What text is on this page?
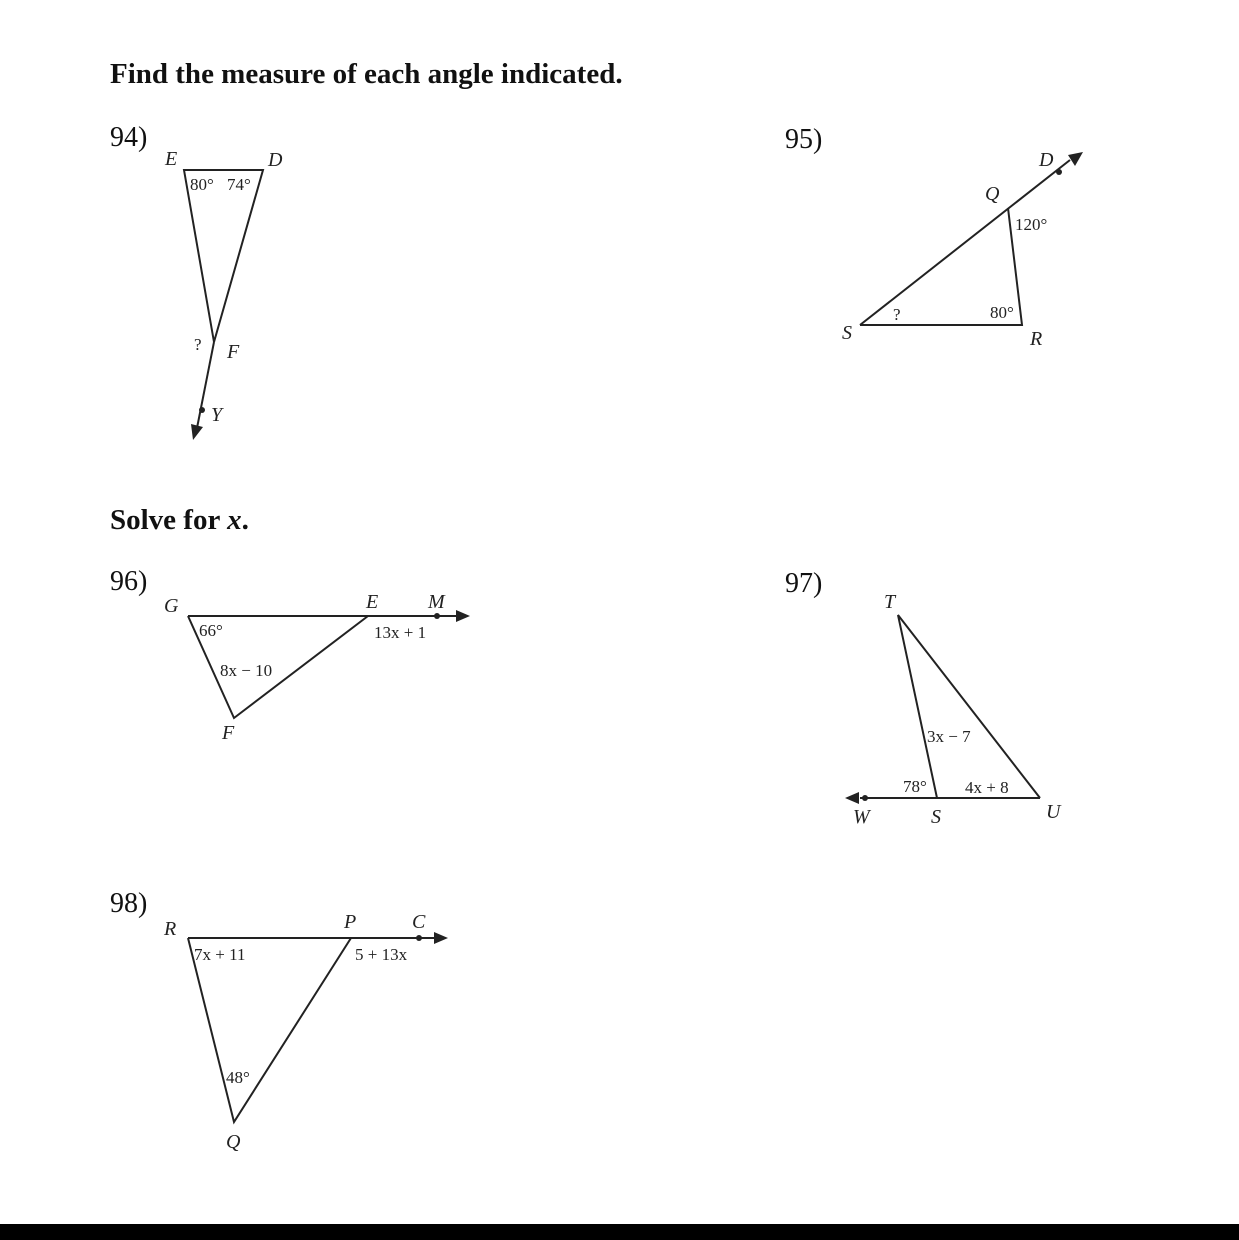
Find the measure of each angle indicated.
Solve for x.
94)	95)
96)	97)
98)
E	D
F
Y
80° 74°
?
D
Q
S	R
120°
80°
?
G	E M
F
66°
8x − 10
13x + 1
T
W	S	U
3x − 7
78° 4x + 8
R	P	C
Q
7x + 11	5 + 13x
48°
